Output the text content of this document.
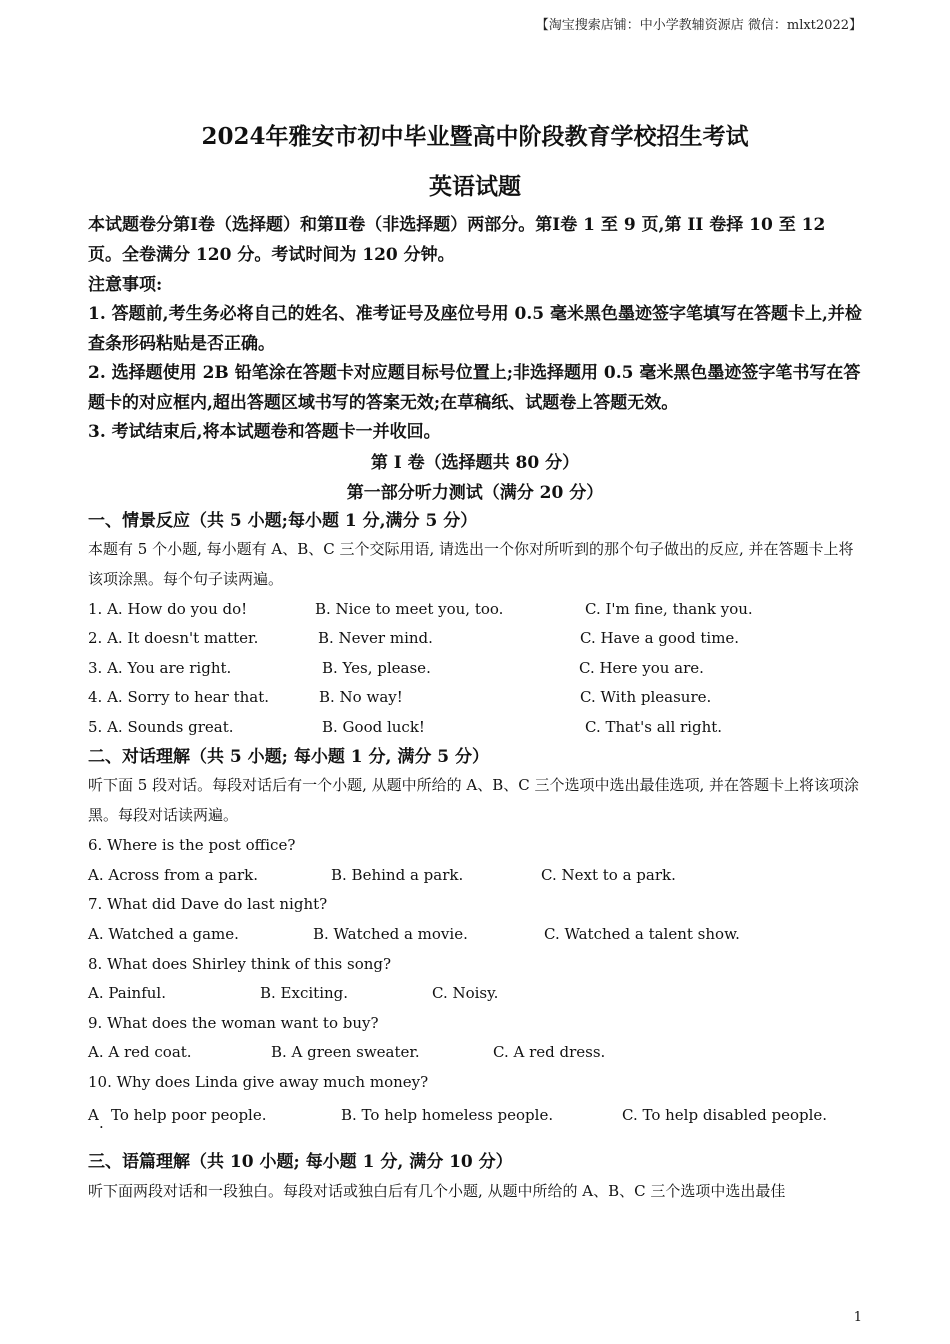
【淘宝搜索店铺：中小学教辅资源店 微信：mlxt2022】
2024年雅安市初中毕业暨高中阶段教育学校招生考试
英语试题
本试题卷分第Ⅰ卷（选择题）和第Ⅱ卷（非选择题）两部分。第Ⅰ卷 1 至 9 页,第 II 卷择 10 至 12 页。全卷满分 120 分。考试时间为 120 分钟。
注意事项:
1. 答题前,考生务必将自己的姓名、准考证号及座位号用 0.5 毫米黑色墨迹签字笔填写在答题卡上,并检查条形码粘贴是否正确。
2. 选择题使用 2B 铅笔涂在答题卡对应题目标号位置上;非选择题用 0.5 毫米黑色墨迹签字笔书写在答题卡的对应框内,超出答题区域书写的答案无效;在草稿纸、试题卷上答题无效。
3. 考试结束后,将本试题卷和答题卡一并收回。
第 I 卷（选择题共 80 分）
第一部分听力测试（满分 20 分）
一、情景反应（共 5 小题;每小题 1 分,满分 5 分）
本题有 5 个小题, 每小题有 A、B、C 三个交际用语, 请选出一个你对所听到的那个句子做出的反应, 并在答题卡上将该项涂黑。每个句子读两遍。
1. A. How do you do!	B. Nice to meet you, too.	C. I'm fine, thank you.
2. A. It doesn't matter.	B. Never mind.	C. Have a good time.
3. A. You are right.	B. Yes, please.	C. Here you are.
4. A. Sorry to hear that.	B. No way!	C. With pleasure.
5. A. Sounds great.	B. Good luck!	C. That's all right.
二、对话理解（共 5 小题; 每小题 1 分, 满分 5 分）
听下面 5 段对话。每段对话后有一个小题, 从题中所给的 A、B、C 三个选项中选出最佳选项, 并在答题卡上将该项涂黑。每段对话读两遍。
6. Where is the post office?
A. Across from a park.	B. Behind a park.	C. Next to a park.
7. What did Dave do last night?
A. Watched a game.	B. Watched a movie.	C. Watched a talent show.
8. What does Shirley think of this song?
A. Painful.	B. Exciting.	C. Noisy.
9. What does the woman want to buy?
A. A red coat.	B. A green sweater.	C. A red dress.
10. Why does Linda give away much money?
A
·
To help poor people.	B. To help homeless people.	C. To help disabled people.
三、语篇理解（共 10 小题; 每小题 1 分, 满分 10 分）
听下面两段对话和一段独白。每段对话或独白后有几个小题, 从题中所给的 A、B、C 三个选项中选出最佳
1
